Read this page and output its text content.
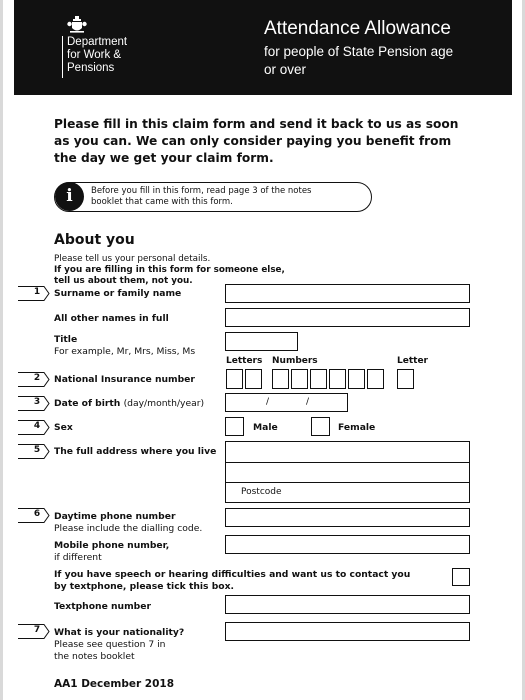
Department
for Work &
Pensions
Attendance Allowance
for people of State Pension age
or over
Please fill in this claim form and send it back to us as soon
as you can. We can only consider paying you benefit from
the day we get your claim form.
i	Before you fill in this form, read page 3 of the notes
booklet that came with this form.
About you
Please tell us your personal details.
If you are filling in this form for someone else,
tell us about them, not you.
1 Surname or family name
All other names in full
Title
For example, Mr, Mrs, Miss, Ms
Letters Numbers	Letter
2 National Insurance number
3 Date of birth (day/month/year)	/	/
4 Sex	Male	Female
5 The full address where you live
Postcode
6 Daytime phone number
Please include the dialling code.
Mobile phone number,
if different
If you have speech or hearing difficulties and want us to contact you
by textphone, please tick this box.
Textphone number
7 What is your nationality?
Please see question 7 in
the notes booklet
AA1 December 2018
